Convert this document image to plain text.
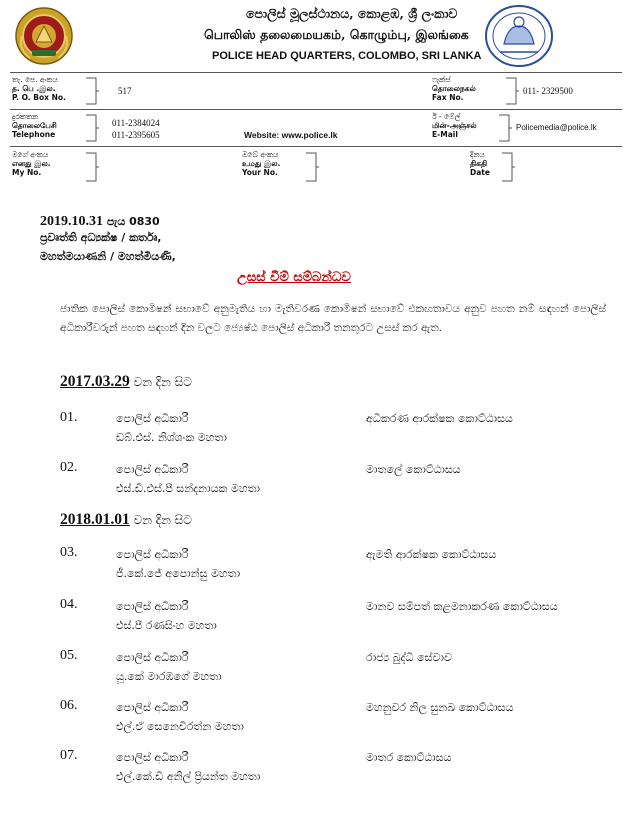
පොලිස් මූලස්ථානය, කොළඹ, ශ්‍රී ලංකාව
பொலிஸ் தலைமையகம், கொழும்பு, இலங்கை
POLICE HEAD QUARTERS, COLOMBO, SRI LANKA
තැ. පෙ. අංකය
த. பெ .இல.
P. O. Box No.
517
ෆැක්ස්
தொலைநகல்
Fax No.
011- 2329500
දුරකතන
தொலைபேசி
Telephone
011-2384024
011-2395605	Website: www.police.lk
ඊ - මේල්
மின்-அஞ்சல்
E-Mail
Policemedia@police.lk
මගේ අංකය
எனது இல.
My No.
ඔබේ අංකය
உமது இல.
Your No.
දිනය
திகதி
Date
2019.10.31 පැය 0830
ප්‍රවෘත්ති අධ්‍යක්ෂ / කර්තෘ,
මහත්මයාණනි / මහත්මියණි,
උසස් වීම් සම්බන්ධව
ජාතික පොලිස් කොමිෂන් සභාවේ අනුමැතිය හා මැතිවරණ කොමිෂන් සභාවේ එකඟතාවය අනුව පහත නම් සඳහන් පොලිස් අධිකාරීවරුන් පහත සඳහන් දින වලට ජ්‍යෙෂ්ඨ පොලිස් අධිකාරී තනතුරට උසස් කර ඇත.
2017.03.29 වන දින සිට
01.	පොලිස් අධිකාරී
ඩබ්.එස්. නිශ්ශංක මහතා
අධිකරණ ආරක්ෂක කොට්ඨාසය
02.	පොලිස් අධිකාරී
එස්.ඩී.එස්.පී සන්දනායක මහතා
මාතලේ කොට්ඨාසය
2018.01.01 වන දින සිට
03.	පොලිස් අධිකාරී
ජී.කේ.ජේ අපොන්සු මහතා
ඇමති ආරක්ෂක කොට්ඨාසය
04.	පොලිස් අධිකාරී
එස්.පී රණසිංහ මහතා
මානව සම්පත් කළමනාකරණ කොට්ඨාසය
05.	පොලිස් අධිකාරී
යූ.කේ මාරඹගේ මහතා
රාජ්‍ය බුද්ධි සේවාව
06.	පොලිස් අධිකාරී
එල්.ඒ සෙනෙවිරත්න මහතා
මහනුවර නිල සුනඛ කොට්ඨාසය
07.	පොලිස් අධිකාරී
එල්.කේ.ඩී අනිල් ප්‍රියන්ත මහතා
මාතර කොට්ඨාසය
